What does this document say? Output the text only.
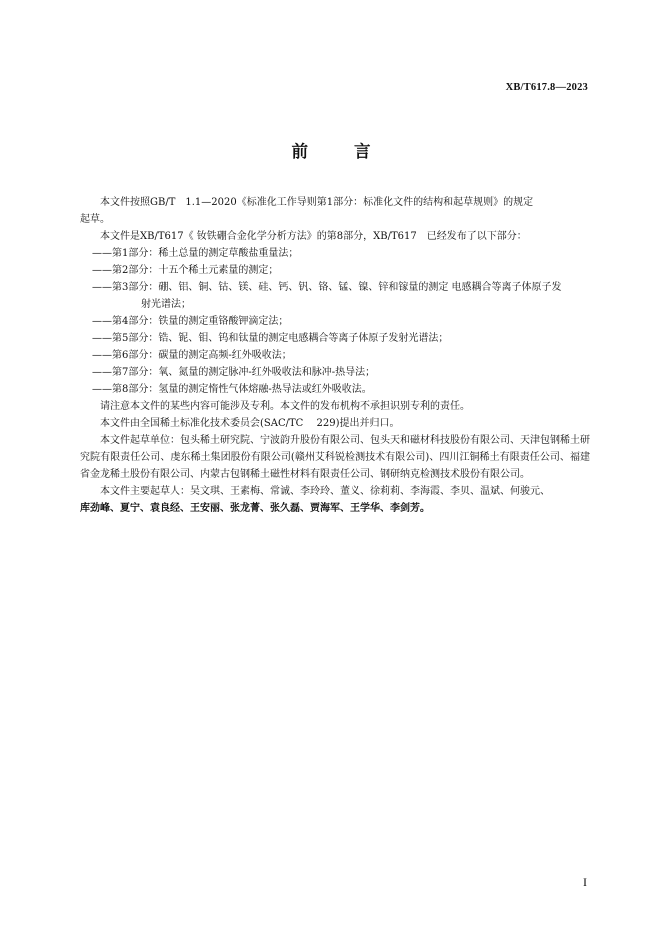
XB/T617.8—2023
前	言

本文件按照GB/T　1.1—2020《标准化工作导则第1部分：标准化文件的结构和起草规则》的规定

起草。

本文件是XB/T617《 钕铁硼合金化学分析方法》的第8部分，XB/T617　已经发布了以下部分：

——第1部分：稀土总量的测定草酸盐重量法；

——第2部分：十五个稀土元素量的测定；

——第3部分：硼、铝、铜、钴、镁、硅、钙、钒、铬、锰、镍、锌和镓量的测定 电感耦合等离子体原子发

射光谱法；

——第4部分：铁量的测定重铬酸钾滴定法；

——第5部分：锆、铌、钼、钨和钛量的测定电感耦合等离子体原子发射光谱法；

——第6部分：碳量的测定高频-红外吸收法；

——第7部分：氧、氮量的测定脉冲-红外吸收法和脉冲-热导法；

——第8部分：氢量的测定惰性气体熔融-热导法或红外吸收法。

请注意本文件的某些内容可能涉及专利。本文件的发布机构不承担识别专利的责任。

本文件由全国稀土标准化技术委员会(SAC/TC　 229)提出并归口。

本文件起草单位：包头稀土研究院、宁波韵升股份有限公司、包头天和磁材科技股份有限公司、天津包钢稀土研究院有限责任公司、虔东稀土集团股份有限公司(赣州艾科锐检测技术有限公司)、四川江铜稀土有限责任公司、福建省金龙稀土股份有限公司、内蒙古包钢稀土磁性材料有限责任公司、钢研纳克检测技术股份有限公司。

本文件主要起草人：吴文琪、王素梅、常诚、李玲玲、董义、徐莉莉、李海霞、李贝、温斌、何骏元、

库劲峰、夏宁、袁良经、王安丽、张龙菁、张久磊、贾海军、王学华、李剑芳。

I
